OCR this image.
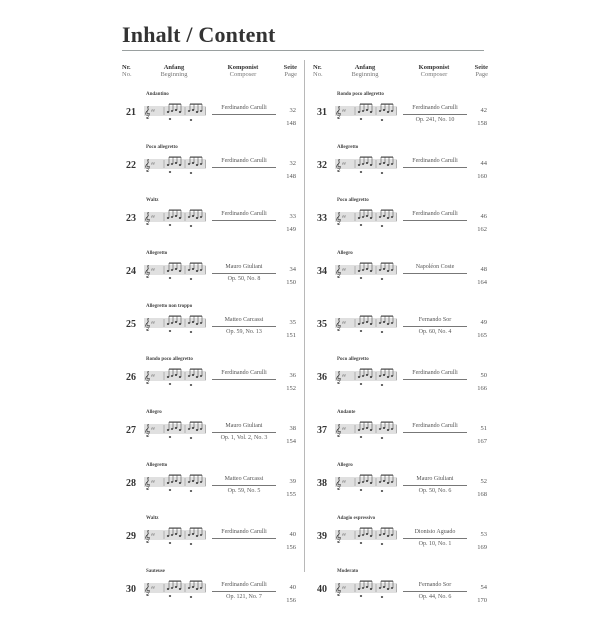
Inhalt / Content
Nr.
No.
Anfang
Beginning
Komponist
Composer
Seite
Page
Andantino
21 𝄞 ♯♯	Ferdinando Carulli	32
148
Poco allegretto
22 𝄞 ♯♯	Ferdinando Carulli	32
148
Waltz
23 𝄞 ♯♯	Ferdinando Carulli	33
149
Allegretto
24 𝄞 ♯♯	Mauro Giuliani
Op. 50, No. 8
34
150
Allegretto non troppo
25 𝄞 ♯♯	Matteo Carcassi
Op. 59, No. 13
35
151
Rondo poco allegretto
26 𝄞 ♯♯	Ferdinando Carulli	36
152
Allegro
27 𝄞 ♯♯	Mauro Giuliani
Op. 1, Vol. 2, No. 3
38
154
Allegretto
28 𝄞 ♯♯	Matteo Carcassi
Op. 59, No. 5
39
155
Waltz
29 𝄞 ♯♯	Ferdinando Carulli	40
156
Sauteuse
30 𝄞 ♯♯	Ferdinando Carulli
Op. 121, No. 7
40
156
Nr.
No.
Anfang
Beginning
Komponist
Composer
Seite
Page
Rondo poco allegretto
31 𝄞 ♯♯	Ferdinando Carulli
Op. 241, No. 10
42
158
Allegretto
32 𝄞 ♯♯	Ferdinando Carulli	44
160
Poco allegretto
33 𝄞 ♯♯	Ferdinando Carulli	46
162
Allegro
34 𝄞 ♯♯	Napoléon Coste	48
164
35 𝄞 ♯♯	Fernando Sor
Op. 60, No. 4
49
165
Poco allegretto
36 𝄞 ♯♯	Ferdinando Carulli	50
166
Andante
37 𝄞 ♯♯	Ferdinando Carulli	51
167
Allegro
38 𝄞 ♯♯	Mauro Giuliani
Op. 50, No. 6
52
168
Adagio espressivo
39 𝄞 ♯♯	Dionisio Aguado
Op. 10, No. 1
53
169
Moderato
40 𝄞 ♯♯	Fernando Sor
Op. 44, No. 6
54
170
